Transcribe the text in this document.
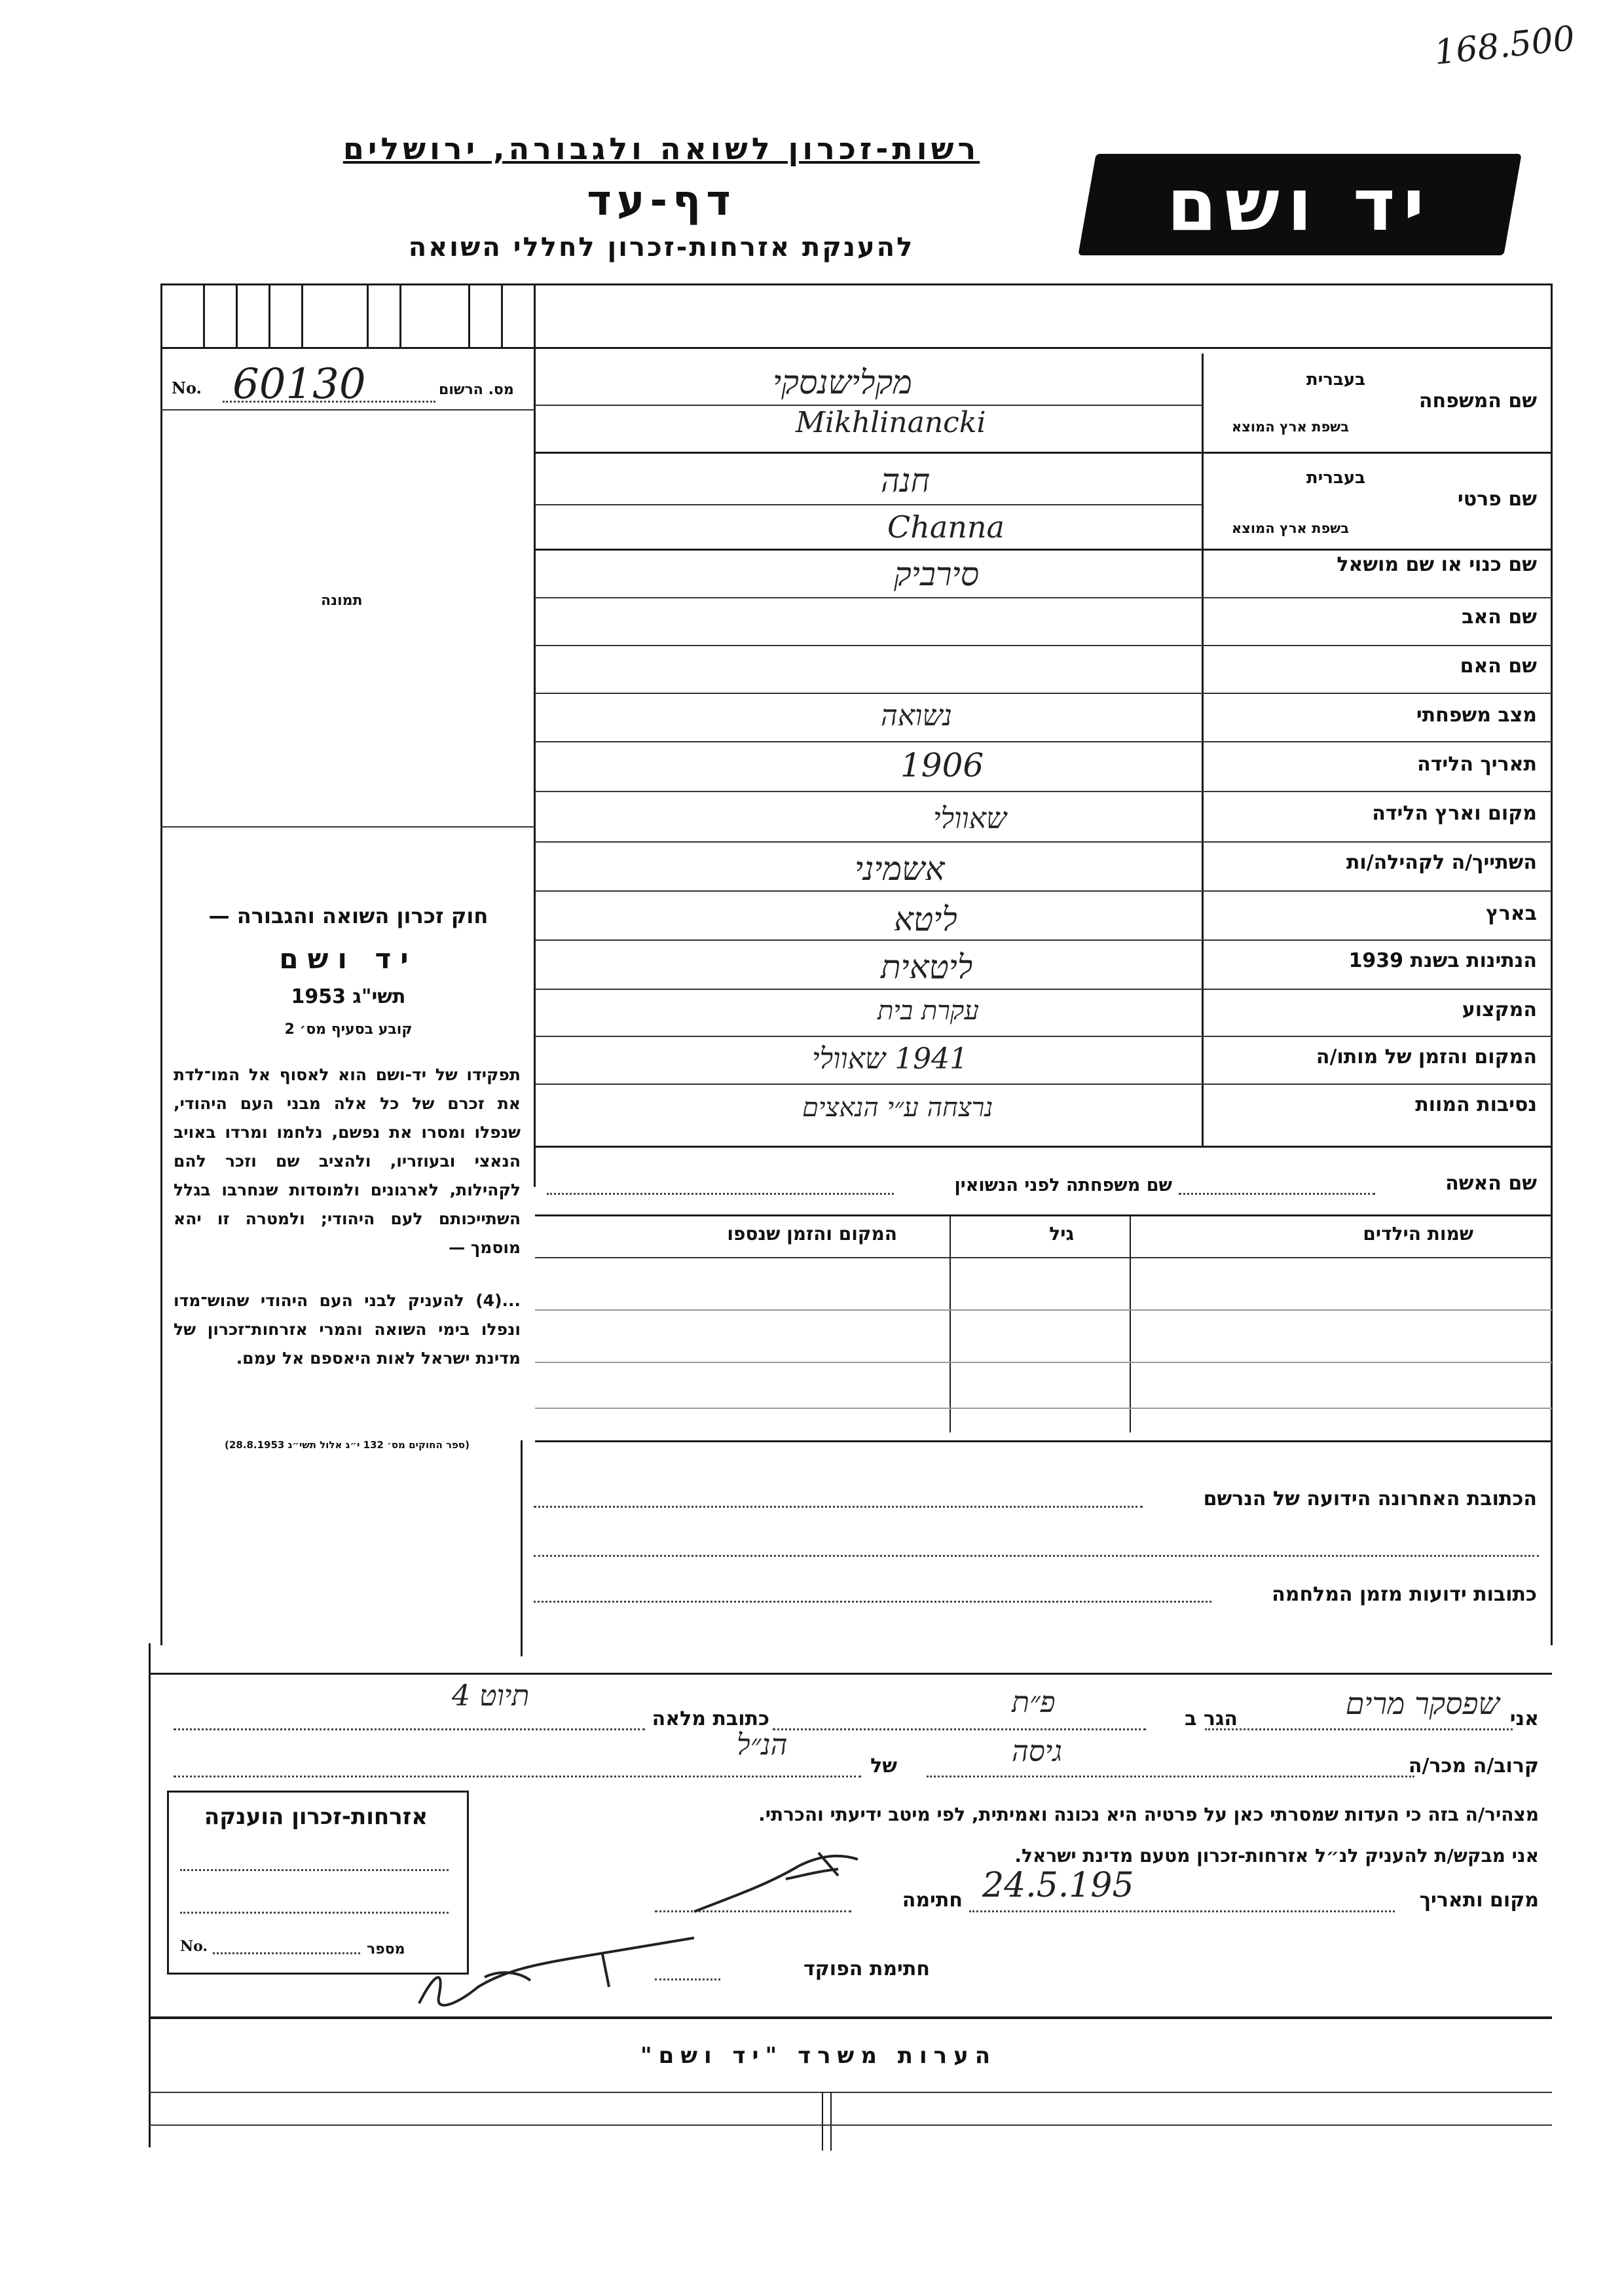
168.500
רשות-זכרון לשואה ולגבורה, ירושלים
דף-עד
להענקת אזרחות-זכרון לחללי השואה
יד ושם
No. 60130	מס. הרשום
תמונה
חוק זכרון השואה והגבורה —
יד ושם
תשי"ג 1953
קובע בסעיף מס׳ 2
תפקידו של יד-ושם הוא לאסוף אל המו־לדת את זכרם של כל אלה מבני העם היהודי, שנפלו ומסרו את נפשם, נלחמו ומרדו באויב הנאצי ובעוזריו, ולהציב שם וזכר להם לקהילות, לארגונים ולמוסדות שנחרבו בגלל השתייכותם לעם היהודי; ולמטרה זו יהא מוסמך —
...(4) להעניק לבני העם היהודי שהוש־מדו ונפלו בימי השואה והמרי אזרחות־זכרון של מדינת ישראל לאות היאספם אל עמם.
(ספר החוקים מס׳ 132 י״ג אלול תשי״ג 28.8.1953)
שם המשפחה
בעברית
בשפת ארץ המוצא
מקלישנסקי
Mikhlinancki
שם פרטי
בעברית
בשפת ארץ המוצא
חנה
Channa
שם כנוי או שם מושאל
סירביק
שם האב
שם האם
מצב משפחתי
נשואה
תאריך הלידה
1906
מקום וארץ הלידה
שאוולי
השתייך/ה לקהילה/ות
אשמיני
בארץ
ליטא
הנתינות בשנת 1939
ליטאית
המקצוע
עקרת בית
המקום והזמן של מותו/ה
1941 שאוולי
נסיבות המוות
נרצחה ע״י הנאצים
שם האשה
שם משפחתה לפני הנשואין
שמות הילדים
גיל
המקום והזמן שנספו
הכתובת האחרונה הידועה של הנרשם
כתובות ידועות מזמן המלחמה
אני
שפסקר מרים
הגר ב
פ״ת
כתובת מלאה
תיוט 4
קרוב/ה מכר/ה
גיסה
של
הנ״ל
מצהיר/ה בזה כי העדות שמסרתי כאן על פרטיה היא נכונה ואמיתית, לפי מיטב ידיעתי והכרתי.
אני מבקש/ת להעניק לנ״ל אזרחות-זכרון מטעם מדינת ישראל.
מקום ותאריך
24.5.195
חתימה
חתימת הפוקד
אזרחות-זכרון הוענקה
No.	מספר
הערות משרד "יד ושם"
